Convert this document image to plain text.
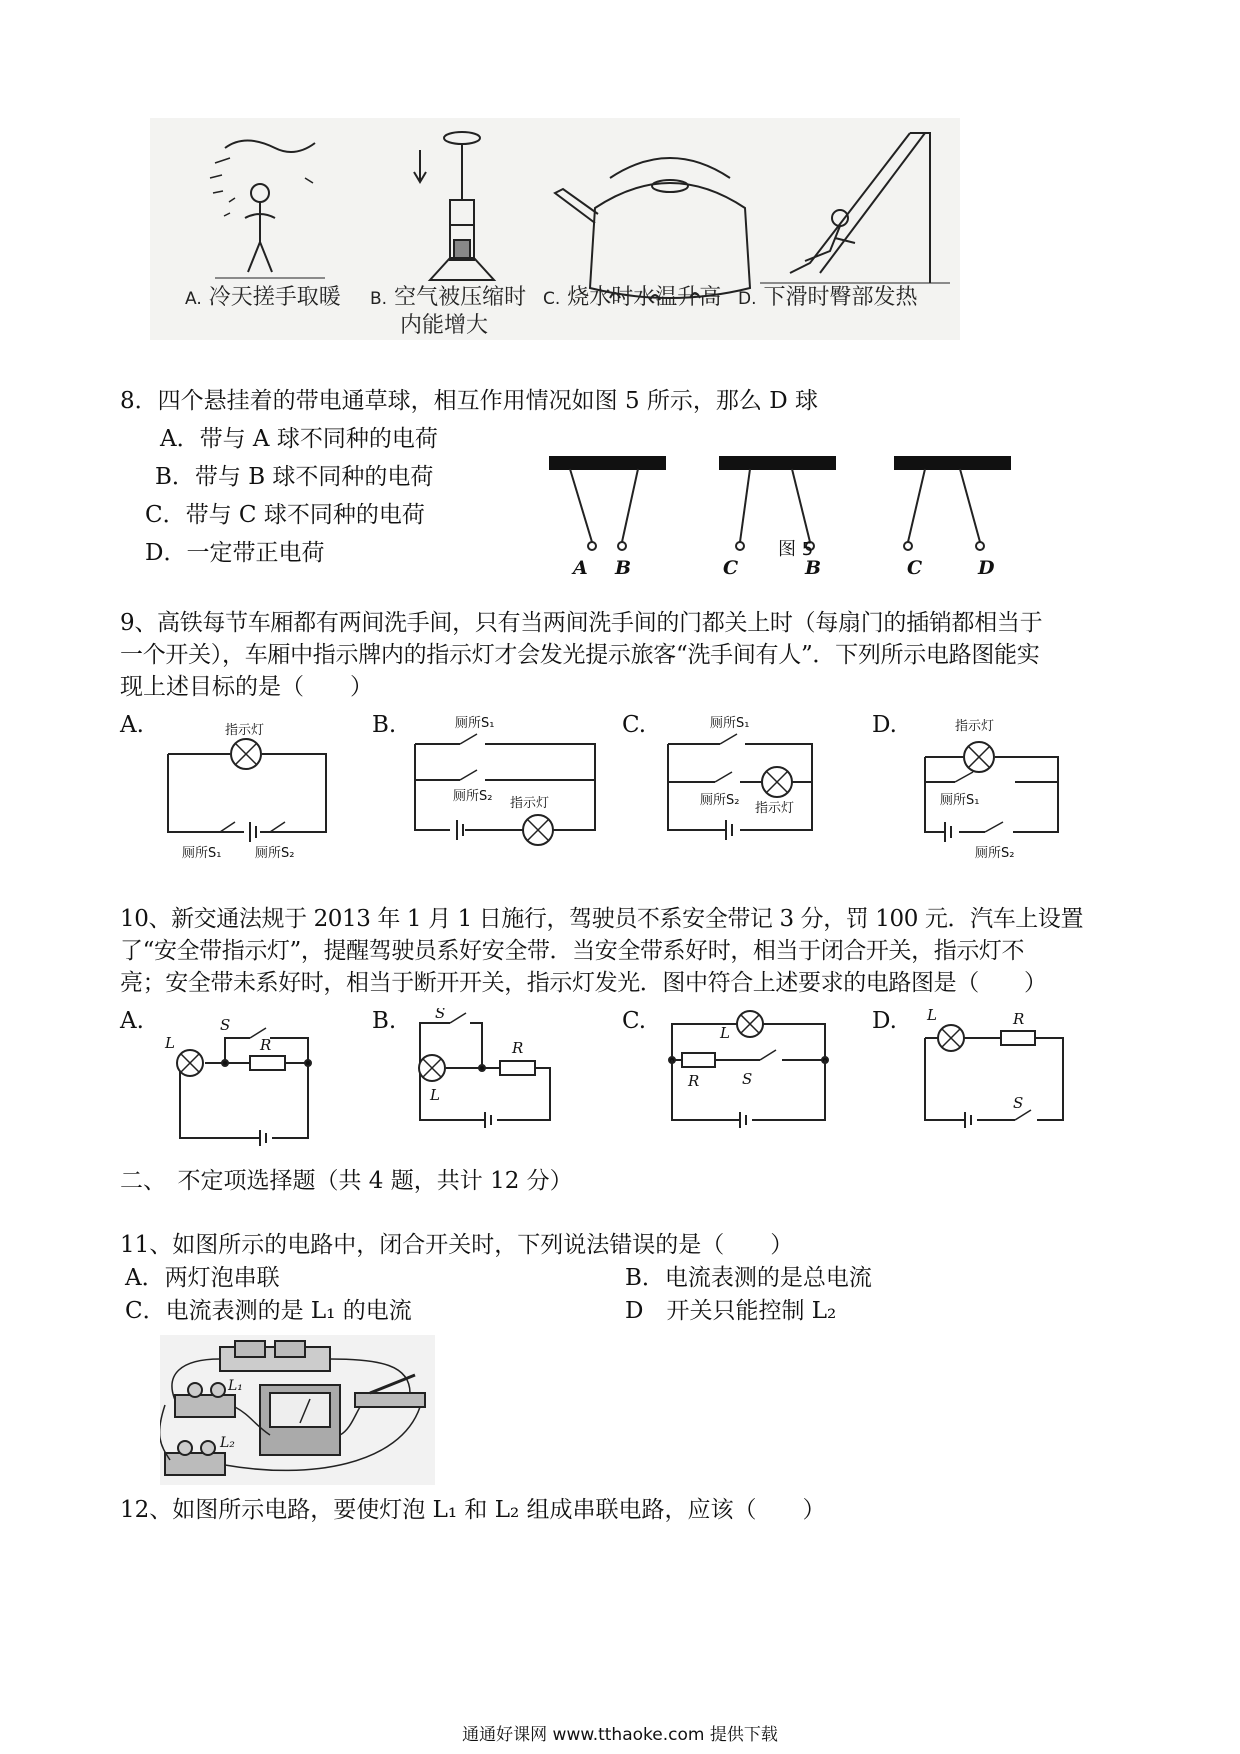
A. 冷天搓手取暖 B. 空气被压缩时
内能增大
C. 烧水时水温升高 D. 下滑时臀部发热
8．四个悬挂着的带电通草球，相互作用情况如图 5 所示，那么 D 球
A．带与 A 球不同种的电荷
B．带与 B 球不同种的电荷
C．带与 C 球不同种的电荷
D．一定带正电荷
A B	C	B	C	D
图 5
9、高铁每节车厢都有两间洗手间，只有当两间洗手间的门都关上时（每扇门的插销都相当于
一个开关），车厢中指示牌内的指示灯才会发光提示旅客“洗手间有人”．下列所示电路图能实
现上述目标的是（　　）
A.	B.	C.	D.
指示灯
厕所S₁	厕所S₂
厕所S₁
厕所S₂ 指示灯
厕所S₁
厕所S₂
指示灯
指示灯
厕所S₁
厕所S₂
10、新交通法规于 2013 年 1 月 1 日施行，驾驶员不系安全带记 3 分，罚 100 元．汽车上设置
了“安全带指示灯”，提醒驾驶员系好安全带．当安全带系好时，相当于闭合开关，指示灯不
亮；安全带未系好时，相当于断开开关，指示灯发光．图中符合上述要求的电路图是（　　）
A.	B.	C.	D.
L
S
R
S
R
L
L
R	S
L	R
S
二、　不定项选择题（共 4 题，共计 12 分）
11、如图所示的电路中，闭合开关时，下列说法错误的是（　　）
A．两灯泡串联	B．电流表测的是总电流
C．电流表测的是 L₁ 的电流	D　开关只能控制 L₂
L₁
L₂
12、如图所示电路，要使灯泡 L₁ 和 L₂ 组成串联电路，应该（　　）
通通好课网 www.tthaoke.com 提供下载
